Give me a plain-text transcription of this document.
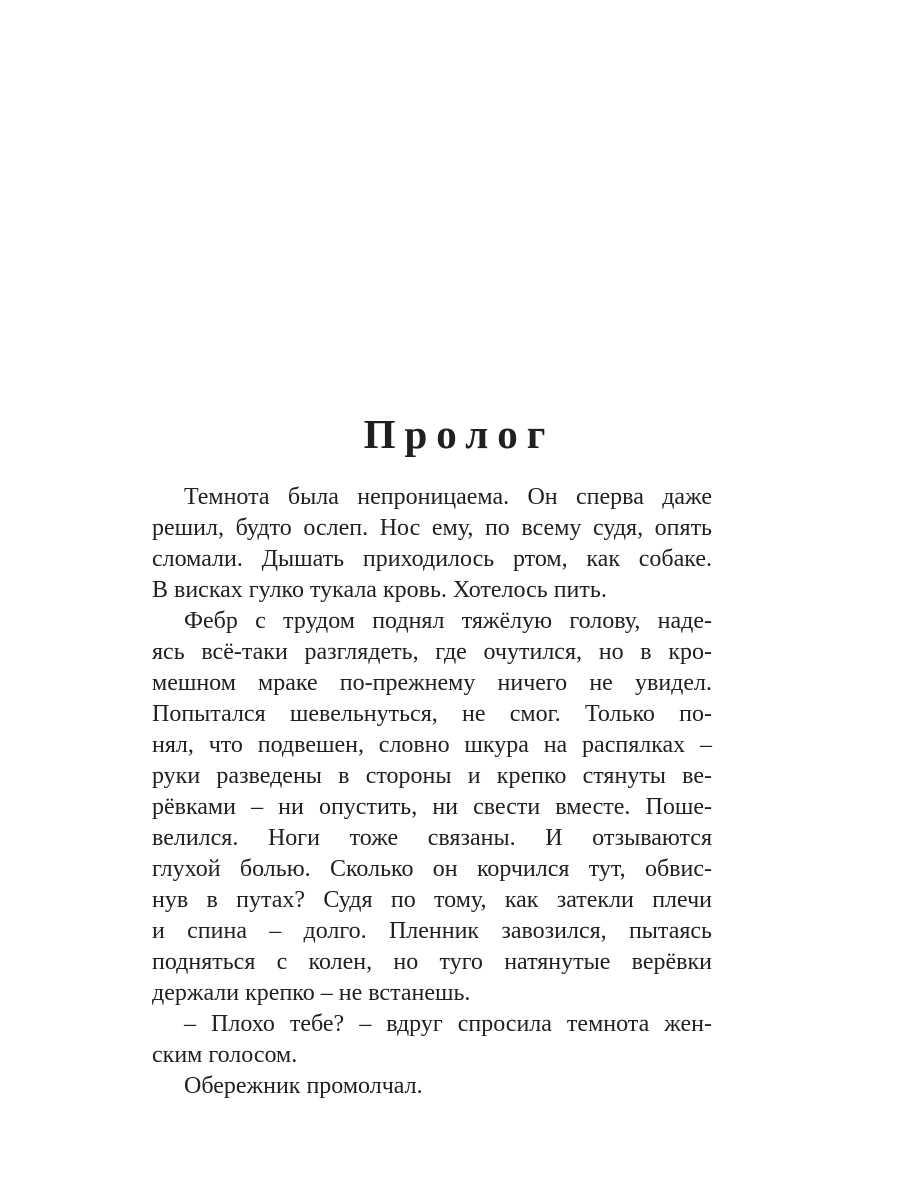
Пролог
Темнота была непроницаема. Он сперва даже
решил, будто ослеп. Нос ему, по всему судя, опять
сломали. Дышать приходилось ртом, как собаке.
В висках гулко тукала кровь. Хотелось пить.
Фебр с трудом поднял тяжёлую голову, наде-
ясь всё-таки разглядеть, где очутился, но в кро-
мешном мраке по-прежнему ничего не увидел.
Попытался шевельнуться, не смог. Только по-
нял, что подвешен, словно шкура на распялках –
руки разведены в стороны и крепко стянуты ве-
рёвками – ни опустить, ни свести вместе. Поше-
велился. Ноги тоже связаны. И отзываются
глухой болью. Сколько он корчился тут, обвис-
нув в путах? Судя по тому, как затекли плечи
и спина – долго. Пленник завозился, пытаясь
подняться с колен, но туго натянутые верёвки
держали крепко – не встанешь.
– Плохо тебе? – вдруг спросила темнота жен-
ским голосом.
Обережник промолчал.
